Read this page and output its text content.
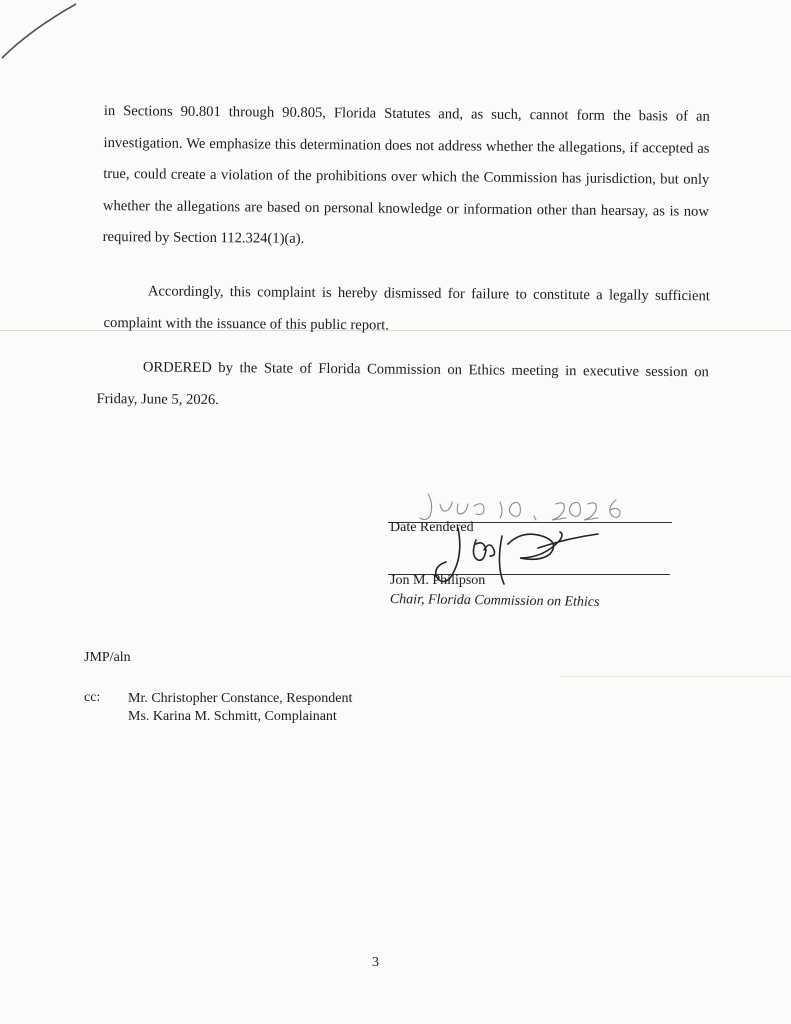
in Sections 90.801 through 90.805, Florida Statutes and, as such, cannot form the basis of an investigation. We emphasize this determination does not address whether the allegations, if accepted as true, could create a violation of the prohibitions over which the Commission has jurisdiction, but only whether the allegations are based on personal knowledge or information other than hearsay, as is now required by Section 112.324(1)(a).

Accordingly, this complaint is hereby dismissed for failure to constitute a legally sufficient complaint with the issuance of this public report.

ORDERED by the State of Florida Commission on Ethics meeting in executive session on Friday, June 5, 2026.

Date Rendered
Jon M. Philipson
Chair, Florida Commission on Ethics
JMP/aln
cc: Mr. Christopher Constance, Respondent
Ms. Karina M. Schmitt, Complainant
3
